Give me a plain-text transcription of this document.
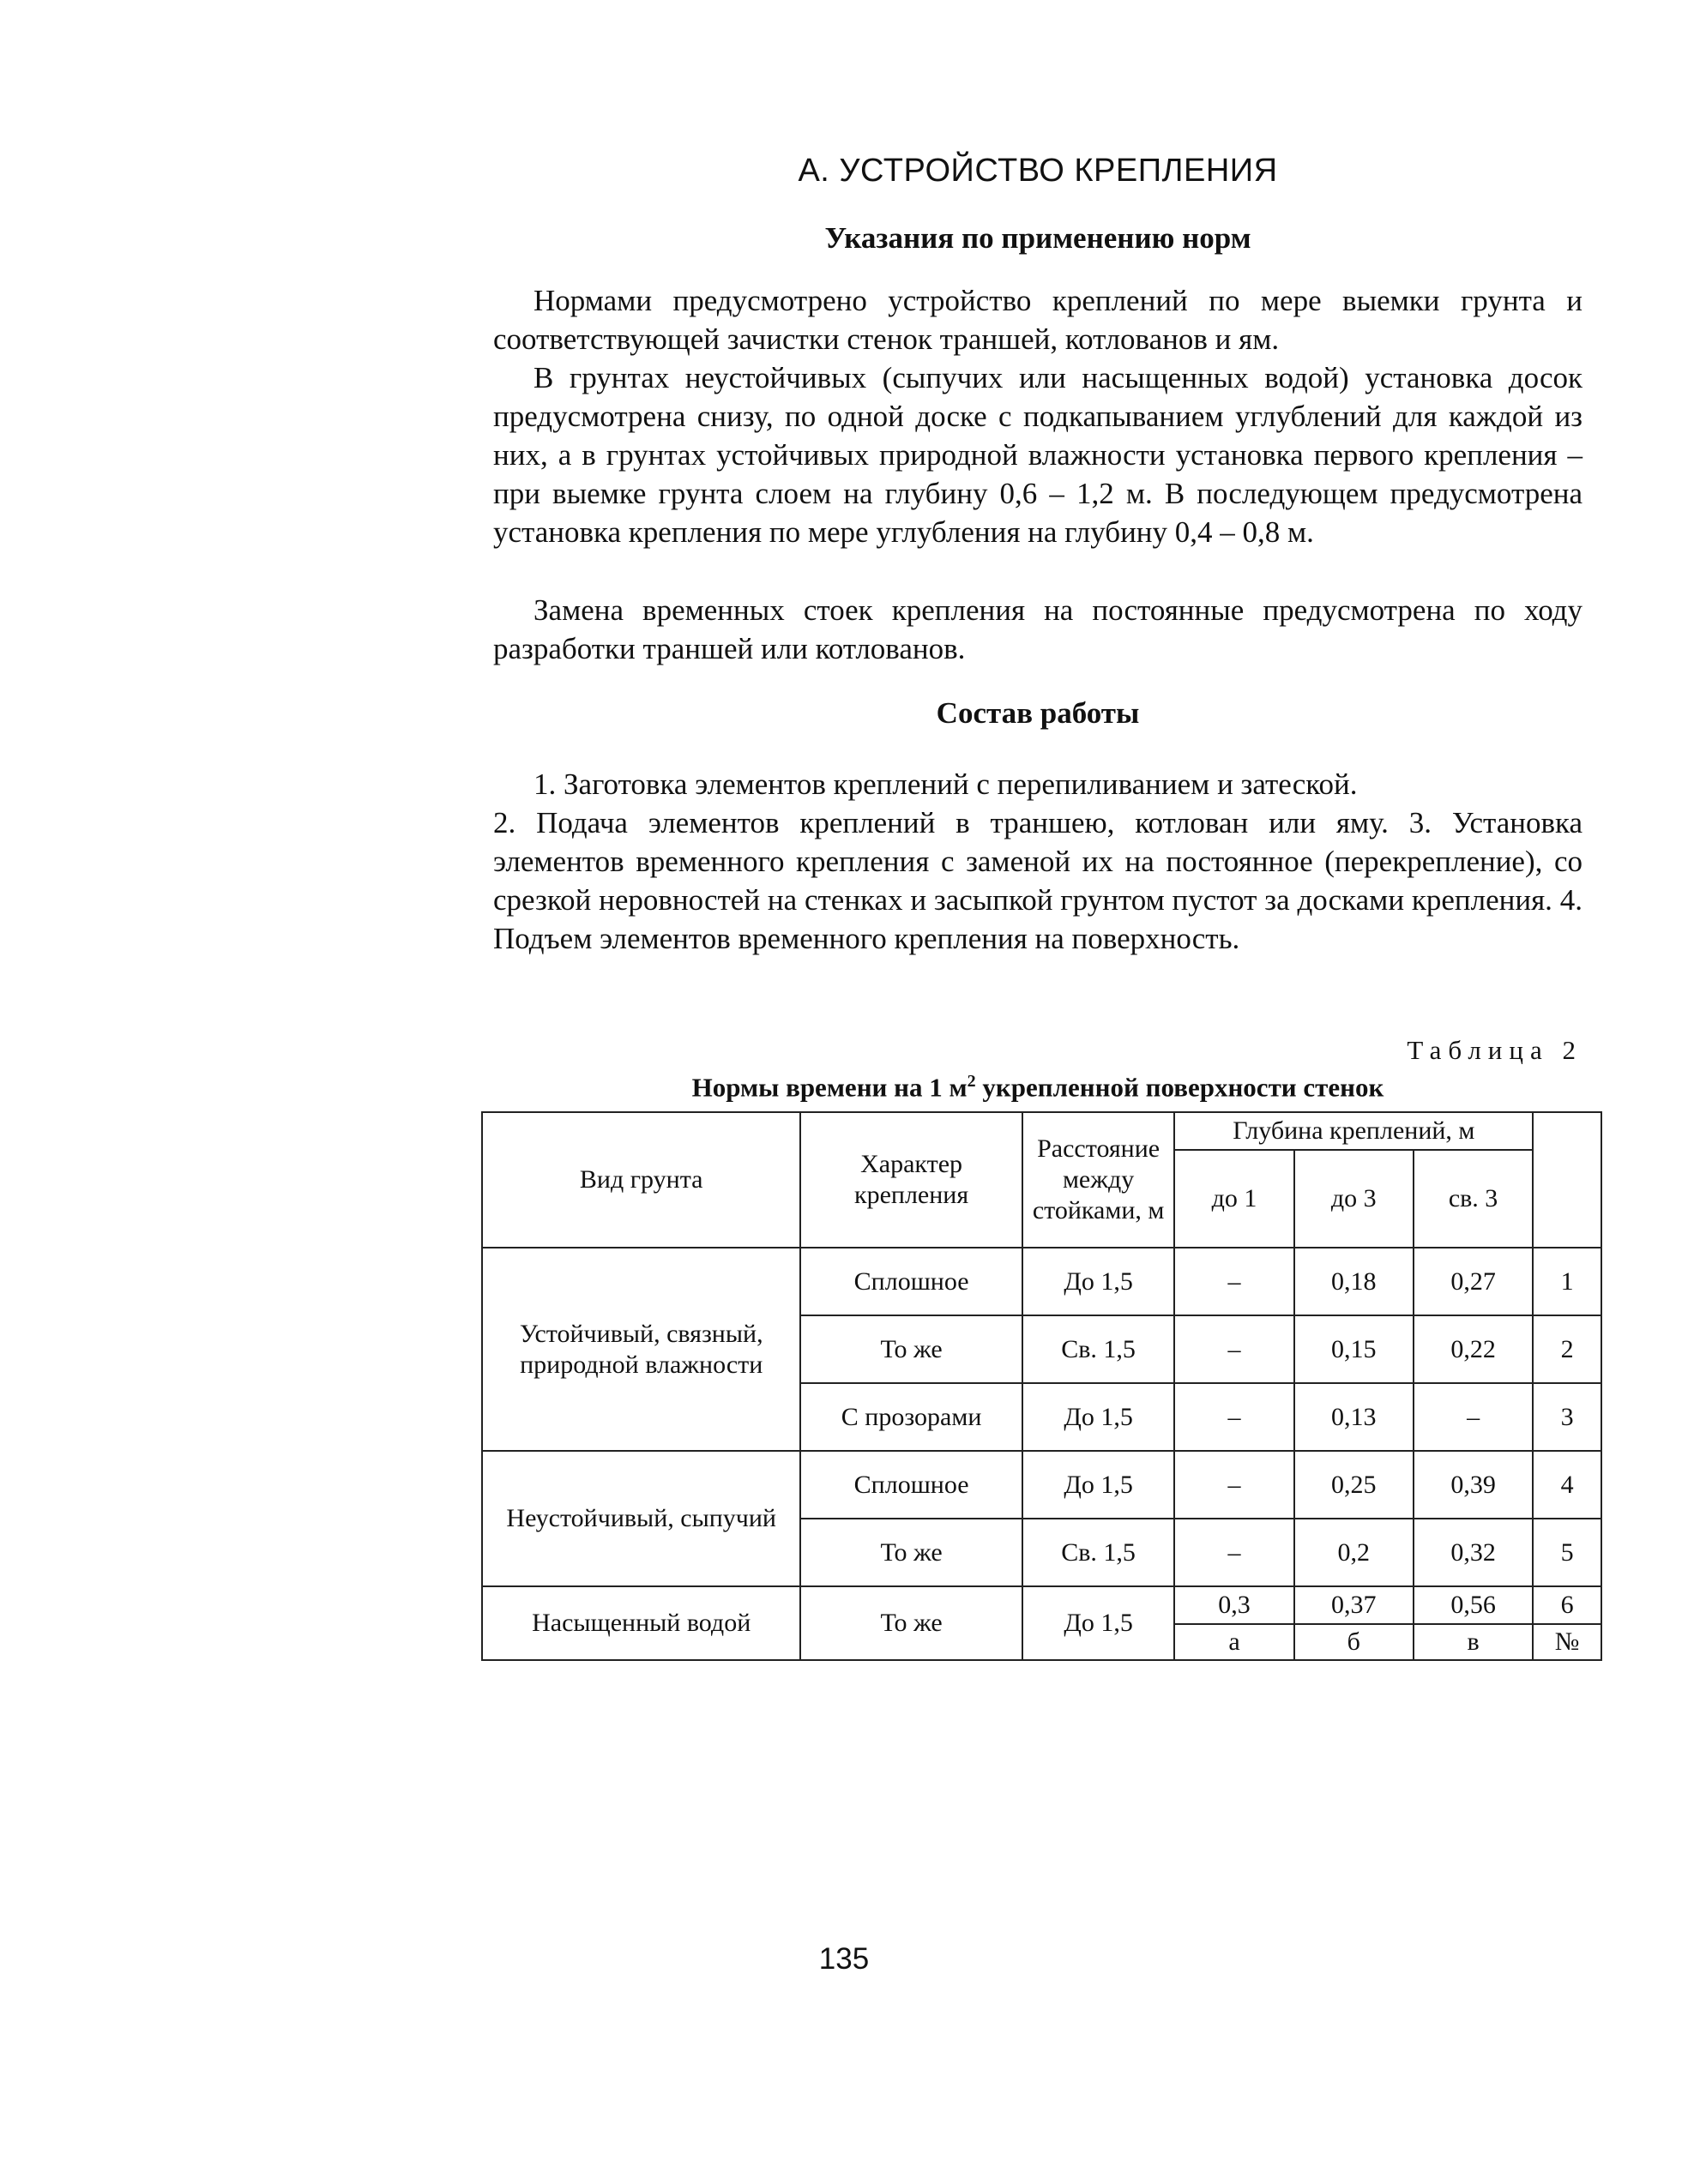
А. УСТРОЙСТВО КРЕПЛЕНИЯ
Указания по применению норм

Нормами предусмотрено устройство креплений по мере выемки грунта и соответствующей зачистки стенок траншей, котлованов и ям.

В грунтах неустойчивых (сыпучих или насыщенных водой) установка досок предусмотрена снизу, по одной доске с подкапыванием углублений для каждой из них, а в грунтах устойчивых природной влажности установка первого крепления – при выемке грунта слоем на глубину 0,6 – 1,2 м. В последующем предусмотрена установка крепления по мере углубления на глубину 0,4 – 0,8 м.

Замена временных стоек крепления на постоянные предусмотрена по ходу разработки траншей или котлованов.

Состав работы

1. Заготовка элементов креплений с перепиливанием и затеской.

2. Подача элементов креплений в траншею, котлован или яму. 3. Установка элементов временного крепления с заменой их на постоянное (перекрепление), со срезкой неровностей на стенках и засыпкой грунтом пустот за досками крепления. 4. Подъем элементов временного крепления на поверхность.

Таблица 2
Нормы времени на 1 $м^2$ укрепленной поверхности стенок
Вид грунта	Характер крепления	Расстояние между стойками, м	Глубина креплений, м			
			до 1	до 3	св. 3	
Устойчивый, связный, природной влажности	Сплошное	До 1,5	–	0,18	0,27	1
	То же	Св. 1,5	–	0,15	0,22	2
	С прозорами	До 1,5	–	0,13	–	3
Неустойчивый, сыпучий	Сплошное	До 1,5	–	0,25	0,39	4
	То же	Св. 1,5	–	0,2	0,32	5
Насыщенный водой	То же	До 1,5	0,3	0,37	0,56	6
			а	б	в	№
135
